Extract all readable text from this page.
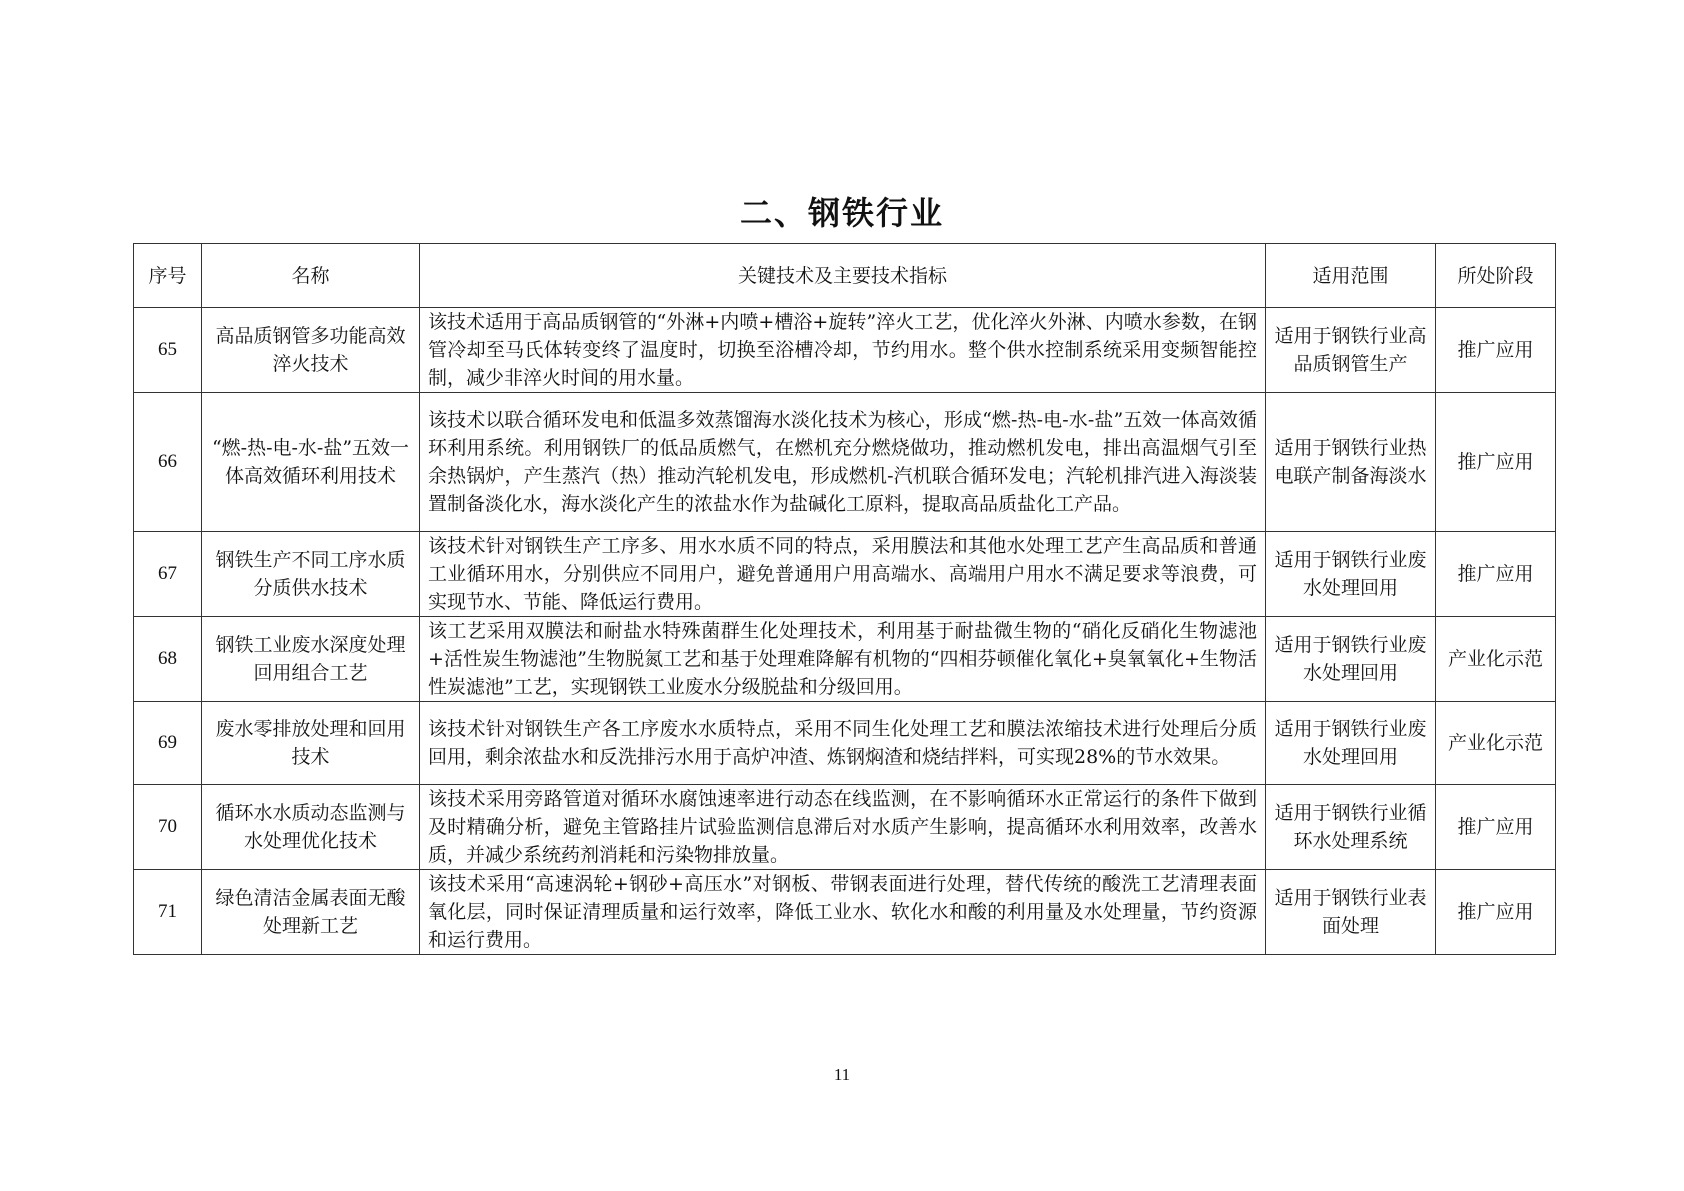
二、钢铁行业
序号	名称	关键技术及主要技术指标	适用范围	所处阶段
65	高品质钢管多功能高效淬火技术	该技术适用于高品质钢管的“外淋+内喷+槽浴+旋转”淬火工艺，优化淬火外淋、内喷水参数，在钢管冷却至马氏体转变终了温度时，切换至浴槽冷却，节约用水。整个供水控制系统采用变频智能控制，减少非淬火时间的用水量。	适用于钢铁行业高品质钢管生产	推广应用
66	“燃-热-电-水-盐”五效一体高效循环利用技术	该技术以联合循环发电和低温多效蒸馏海水淡化技术为核心，形成“燃-热-电-水-盐”五效一体高效循环利用系统。利用钢铁厂的低品质燃气，在燃机充分燃烧做功，推动燃机发电，排出高温烟气引至余热锅炉，产生蒸汽（热）推动汽轮机发电，形成燃机-汽机联合循环发电；汽轮机排汽进入海淡装置制备淡化水，海水淡化产生的浓盐水作为盐碱化工原料，提取高品质盐化工产品。	适用于钢铁行业热电联产制备海淡水	推广应用
67	钢铁生产不同工序水质分质供水技术	该技术针对钢铁生产工序多、用水水质不同的特点，采用膜法和其他水处理工艺产生高品质和普通工业循环用水，分别供应不同用户，避免普通用户用高端水、高端用户用水不满足要求等浪费，可实现节水、节能、降低运行费用。	适用于钢铁行业废水处理回用	推广应用
68	钢铁工业废水深度处理回用组合工艺	该工艺采用双膜法和耐盐水特殊菌群生化处理技术，利用基于耐盐微生物的“硝化反硝化生物滤池+活性炭生物滤池”生物脱氮工艺和基于处理难降解有机物的“四相芬顿催化氧化+臭氧氧化+生物活性炭滤池”工艺，实现钢铁工业废水分级脱盐和分级回用。	适用于钢铁行业废水处理回用	产业化示范
69	废水零排放处理和回用技术	该技术针对钢铁生产各工序废水水质特点，采用不同生化处理工艺和膜法浓缩技术进行处理后分质回用，剩余浓盐水和反洗排污水用于高炉冲渣、炼钢焖渣和烧结拌料，可实现28%的节水效果。	适用于钢铁行业废水处理回用	产业化示范
70	循环水水质动态监测与水处理优化技术	该技术采用旁路管道对循环水腐蚀速率进行动态在线监测，在不影响循环水正常运行的条件下做到及时精确分析，避免主管路挂片试验监测信息滞后对水质产生影响，提高循环水利用效率，改善水质，并减少系统药剂消耗和污染物排放量。	适用于钢铁行业循环水处理系统	推广应用
71	绿色清洁金属表面无酸处理新工艺	该技术采用“高速涡轮+钢砂+高压水”对钢板、带钢表面进行处理，替代传统的酸洗工艺清理表面氧化层，同时保证清理质量和运行效率，降低工业水、软化水和酸的利用量及水处理量，节约资源和运行费用。	适用于钢铁行业表面处理	推广应用
11
